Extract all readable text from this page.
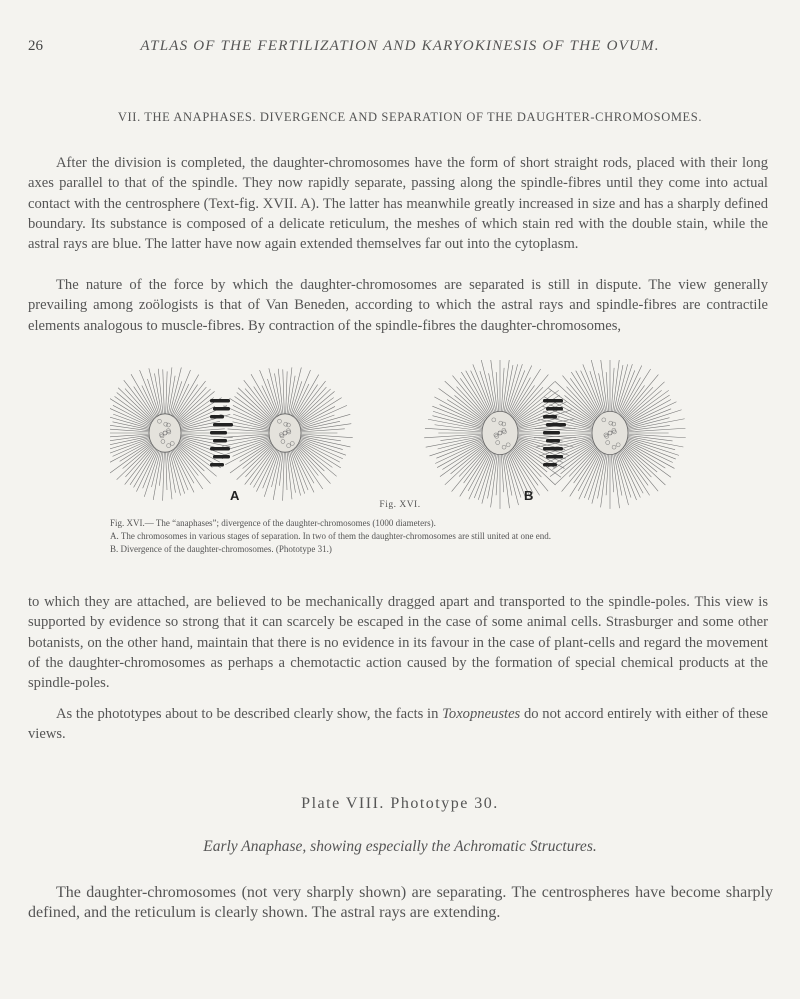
26	ATLAS OF THE FERTILIZATION AND KARYOKINESIS OF THE OVUM.
VII. THE ANAPHASES. DIVERGENCE AND SEPARATION OF THE DAUGHTER-CHROMOSOMES.

After the division is completed, the daughter-chromosomes have the form of short straight rods, placed with their long axes parallel to that of the spindle. They now rapidly separate, passing along the spindle-fibres until they come into actual contact with the centrosphere (Text-fig. XVII. A). The latter has meanwhile greatly increased in size and has a sharply defined boundary. Its substance is composed of a delicate reticulum, the meshes of which stain red with the double stain, while the astral rays are blue. The latter have now again extended themselves far out into the cytoplasm.

The nature of the force by which the daughter-chromosomes are separated is still in dispute. The view generally prevailing among zoölogists is that of Van Beneden, according to which the astral rays and spindle-fibres are contractile elements analogous to muscle-fibres. By contraction of the spindle-fibres the daughter-chromosomes,

A	B
Fig. XVI.

Fig. XVI.— The “anaphases”; divergence of the daughter-chromosomes (1000 diameters).

A. The chromosomes in various stages of separation. In two of them the daughter-chromosomes are still united at one end.

B. Divergence of the daughter-chromosomes. (Phototype 31.)

to which they are attached, are believed to be mechanically dragged apart and transported to the spindle-poles. This view is supported by evidence so strong that it can scarcely be escaped in the case of some animal cells. Strasburger and some other botanists, on the other hand, maintain that there is no evidence in its favour in the case of plant-cells and regard the movement of the daughter-chromosomes as perhaps a chemotactic action caused by the formation of special chemical products at the spindle-poles.

As the phototypes about to be described clearly show, the facts in Toxopneustes do not accord entirely with either of these views.

Plate VIII. Phototype 30.
Early Anaphase, showing especially the Achromatic Structures.

The daughter-chromosomes (not very sharply shown) are separating. The centrospheres have become sharply defined, and the reticulum is clearly shown. The astral rays are extending.
